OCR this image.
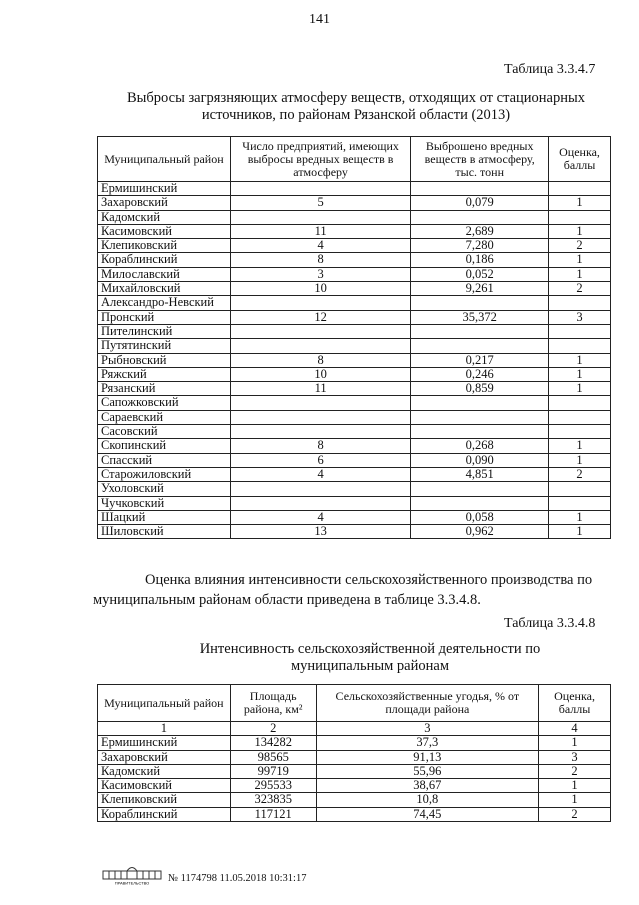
141
Таблица 3.3.4.7
Выбросы загрязняющих атмосферу веществ, отходящих от стационарных источников, по районам Рязанской области (2013)
Муниципальный район	Число предприятий, имеющих выбросы вредных веществ в атмосферу	Выброшено вредных веществ в атмосферу, тыс. тонн	Оценка, баллы
Ермишинский			
Захаровский	5	0,079	1
Кадомский			
Касимовский	11	2,689	1
Клепиковский	4	7,280	2
Кораблинский	8	0,186	1
Милославский	3	0,052	1
Михайловский	10	9,261	2
Александро-Невский			
Пронский	12	35,372	3
Пителинский			
Путятинский			
Рыбновский	8	0,217	1
Ряжский	10	0,246	1
Рязанский	11	0,859	1
Сапожковский			
Сараевский			
Сасовский			
Скопинский	8	0,268	1
Спасский	6	0,090	1
Старожиловский	4	4,851	2
Ухоловский			
Чучковский			
Шацкий	4	0,058	1
Шиловский	13	0,962	1
Оценка влияния интенсивности сельскохозяйственного производства по муниципальным районам области приведена в таблице 3.3.4.8.
Таблица 3.3.4.8
Интенсивность сельскохозяйственной деятельности по муниципальным районам
Муниципальный район	Площадь района, км²	Сельскохозяйственные угодья, % от площади района	Оценка, баллы
1	2	3	4
Ермишинский	134282	37,3	1
Захаровский	98565	91,13	3
Кадомский	99719	55,96	2
Касимовский	295533	38,67	1
Клепиковский	323835	10,8	1
Кораблинский	117121	74,45	2
ПРАВИТЕЛЬСТВО № 1174798 11.05.2018 10:31:17
